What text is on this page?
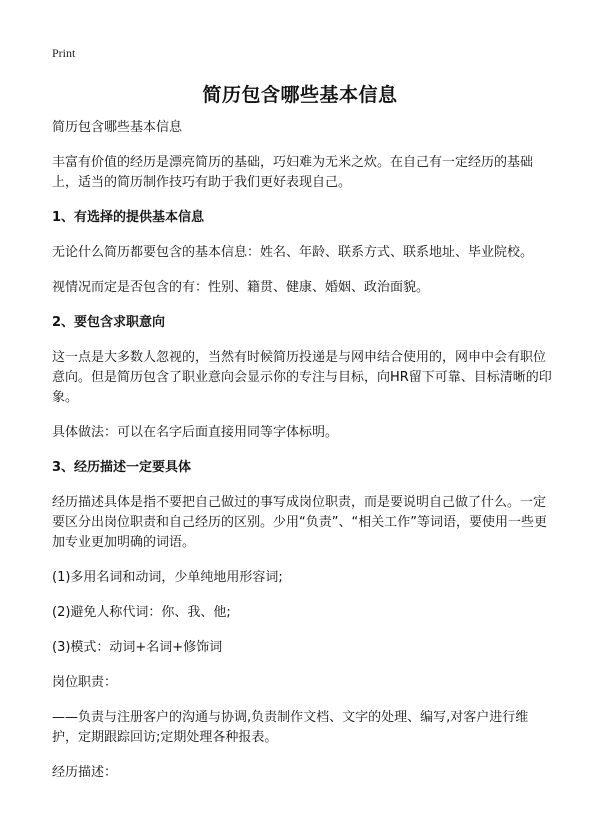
Print
简历包含哪些基本信息

简历包含哪些基本信息

丰富有价值的经历是漂亮简历的基础，巧妇难为无米之炊。在自己有一定经历的基础上，适当的简历制作技巧有助于我们更好表现自己。

1、有选择的提供基本信息

无论什么简历都要包含的基本信息：姓名、年龄、联系方式、联系地址、毕业院校。

视情况而定是否包含的有：性别、籍贯、健康、婚姻、政治面貌。

2、要包含求职意向

这一点是大多数人忽视的，当然有时候简历投递是与网申结合使用的，网申中会有职位意向。但是简历包含了职业意向会显示你的专注与目标，向HR留下可靠、目标清晰的印象。

具体做法：可以在名字后面直接用同等字体标明。

3、经历描述一定要具体

经历描述具体是指不要把自己做过的事写成岗位职责，而是要说明自己做了什么。一定要区分出岗位职责和自己经历的区别。少用“负责”、“相关工作”等词语，要使用一些更加专业更加明确的词语。

(1)多用名词和动词，少单纯地用形容词;

(2)避免人称代词：你、我、他;

(3)模式：动词+名词+修饰词

岗位职责：

——负责与注册客户的沟通与协调,负责制作文档、文字的处理、编写,对客户进行维护，定期跟踪回访;定期处理各种报表。

经历描述：
